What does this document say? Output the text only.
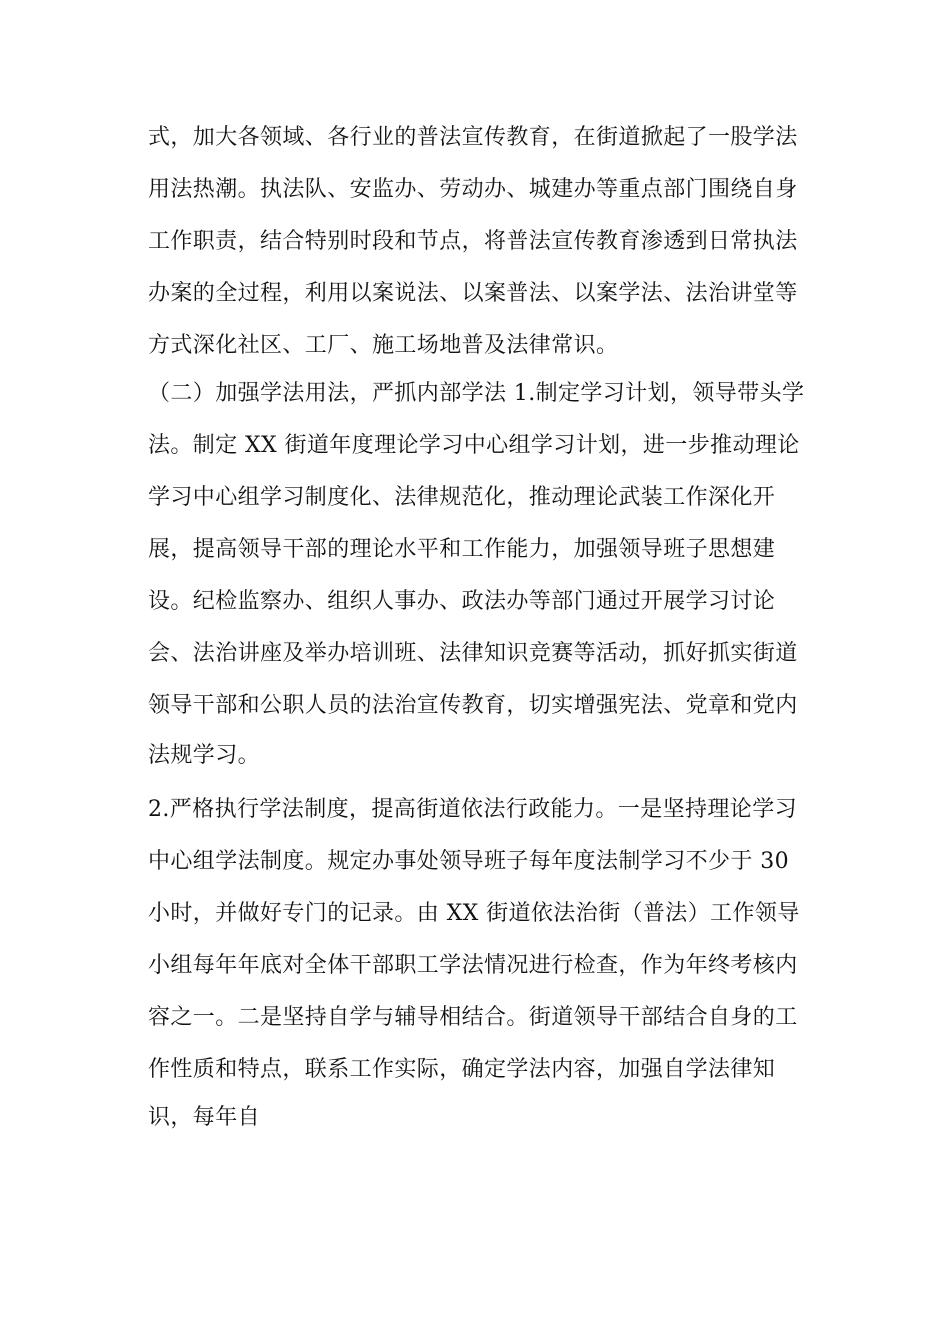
式，加大各领域、各行业的普法宣传教育，在街道掀起了一股学法
用法热潮。执法队、安监办、劳动办、城建办等重点部门围绕自身
工作职责，结合特别时段和节点，将普法宣传教育渗透到日常执法
办案的全过程，利用以案说法、以案普法、以案学法、法治讲堂等
方式深化社区、工厂、施工场地普及法律常识。
（二）加强学法用法，严抓内部学法 1.制定学习计划，领导带头学
法。制定 XX 街道年度理论学习中心组学习计划，进一步推动理论
学习中心组学习制度化、法律规范化，推动理论武装工作深化开
展，提高领导干部的理论水平和工作能力，加强领导班子思想建
设。纪检监察办、组织人事办、政法办等部门通过开展学习讨论
会、法治讲座及举办培训班、法律知识竞赛等活动，抓好抓实街道
领导干部和公职人员的法治宣传教育，切实增强宪法、党章和党内
法规学习。
2.严格执行学法制度，提高街道依法行政能力。一是坚持理论学习
中心组学法制度。规定办事处领导班子每年度法制学习不少于 30
小时，并做好专门的记录。由 XX 街道依法治街（普法）工作领导
小组每年年底对全体干部职工学法情况进行检查，作为年终考核内
容之一。二是坚持自学与辅导相结合。街道领导干部结合自身的工
作性质和特点，联系工作实际，确定学法内容，加强自学法律知
识，每年自
